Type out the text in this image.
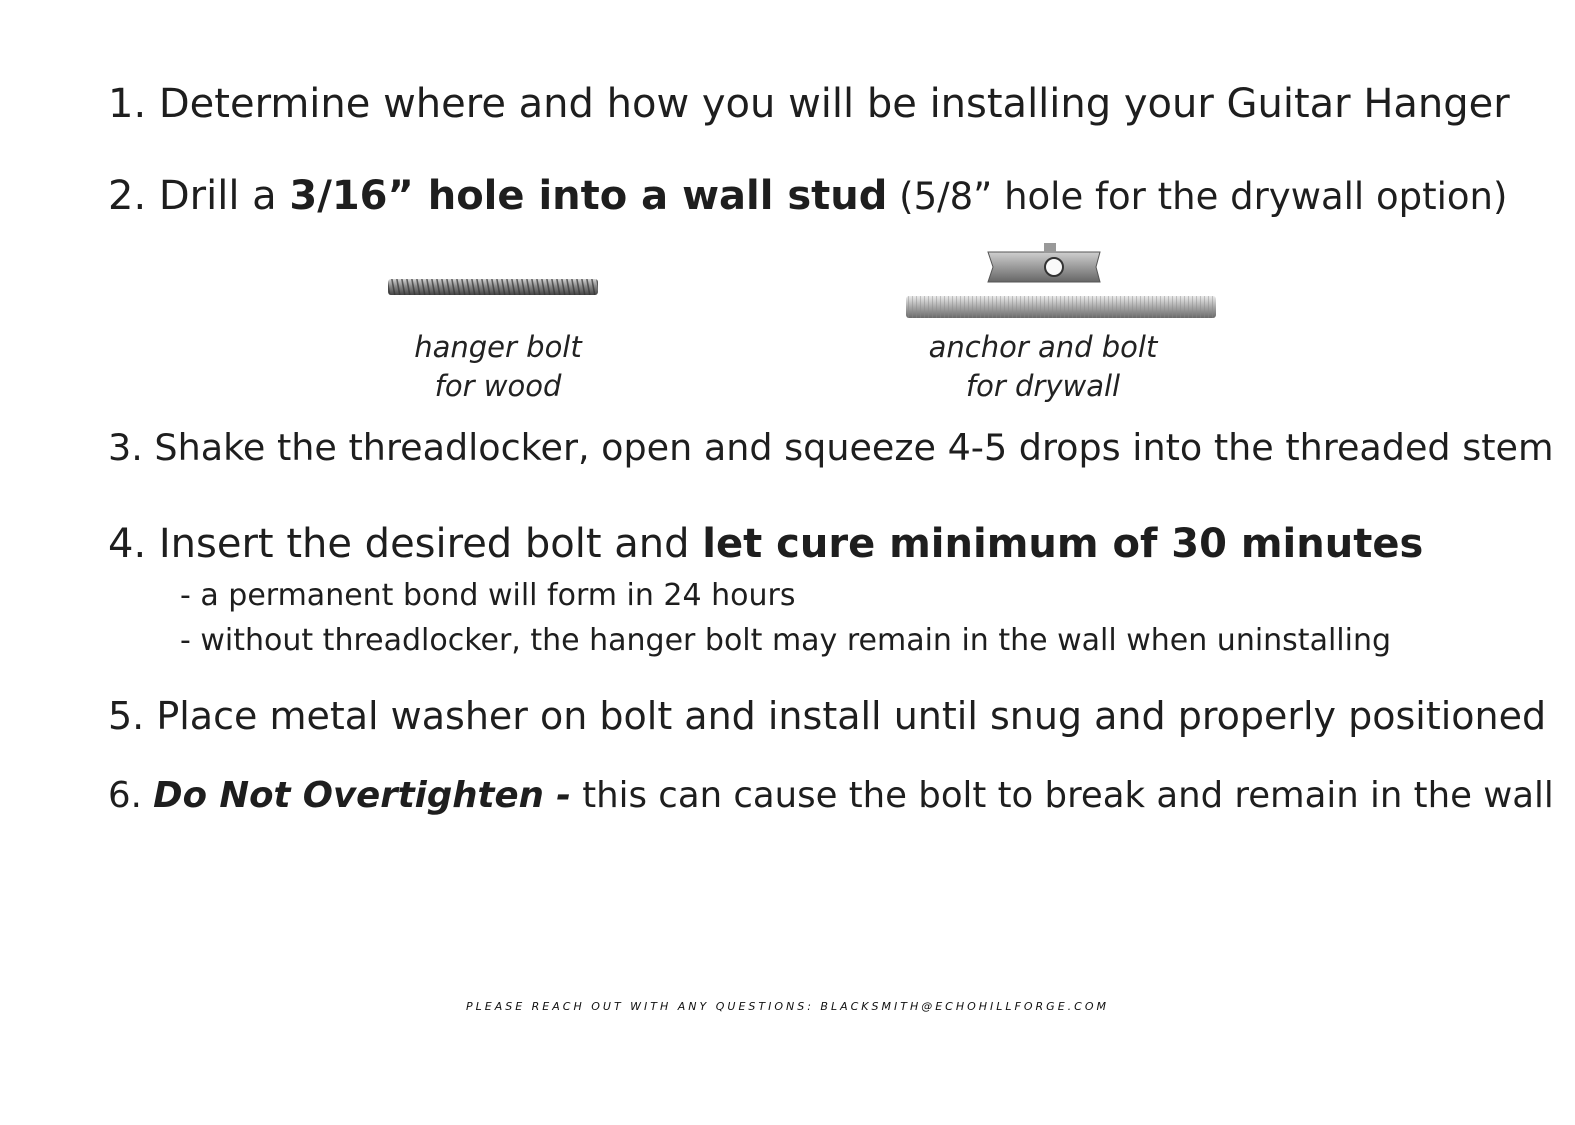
1. Determine where and how you will be installing your Guitar Hanger
2. Drill a 3/16” hole into a wall stud (5/8” hole for the drywall option)
hanger bolt
for wood
anchor and bolt
for drywall
3. Shake the threadlocker, open and squeeze 4-5 drops into the threaded stem
4. Insert the desired bolt and let cure minimum of 30 minutes
- a permanent bond will form in 24 hours
- without threadlocker, the hanger bolt may remain in the wall when uninstalling
5. Place metal washer on bolt and install until snug and properly positioned
6. Do Not Overtighten - this can cause the bolt to break and remain in the wall
PLEASE REACH OUT WITH ANY QUESTIONS: BLACKSMITH@ECHOHILLFORGE.COM
